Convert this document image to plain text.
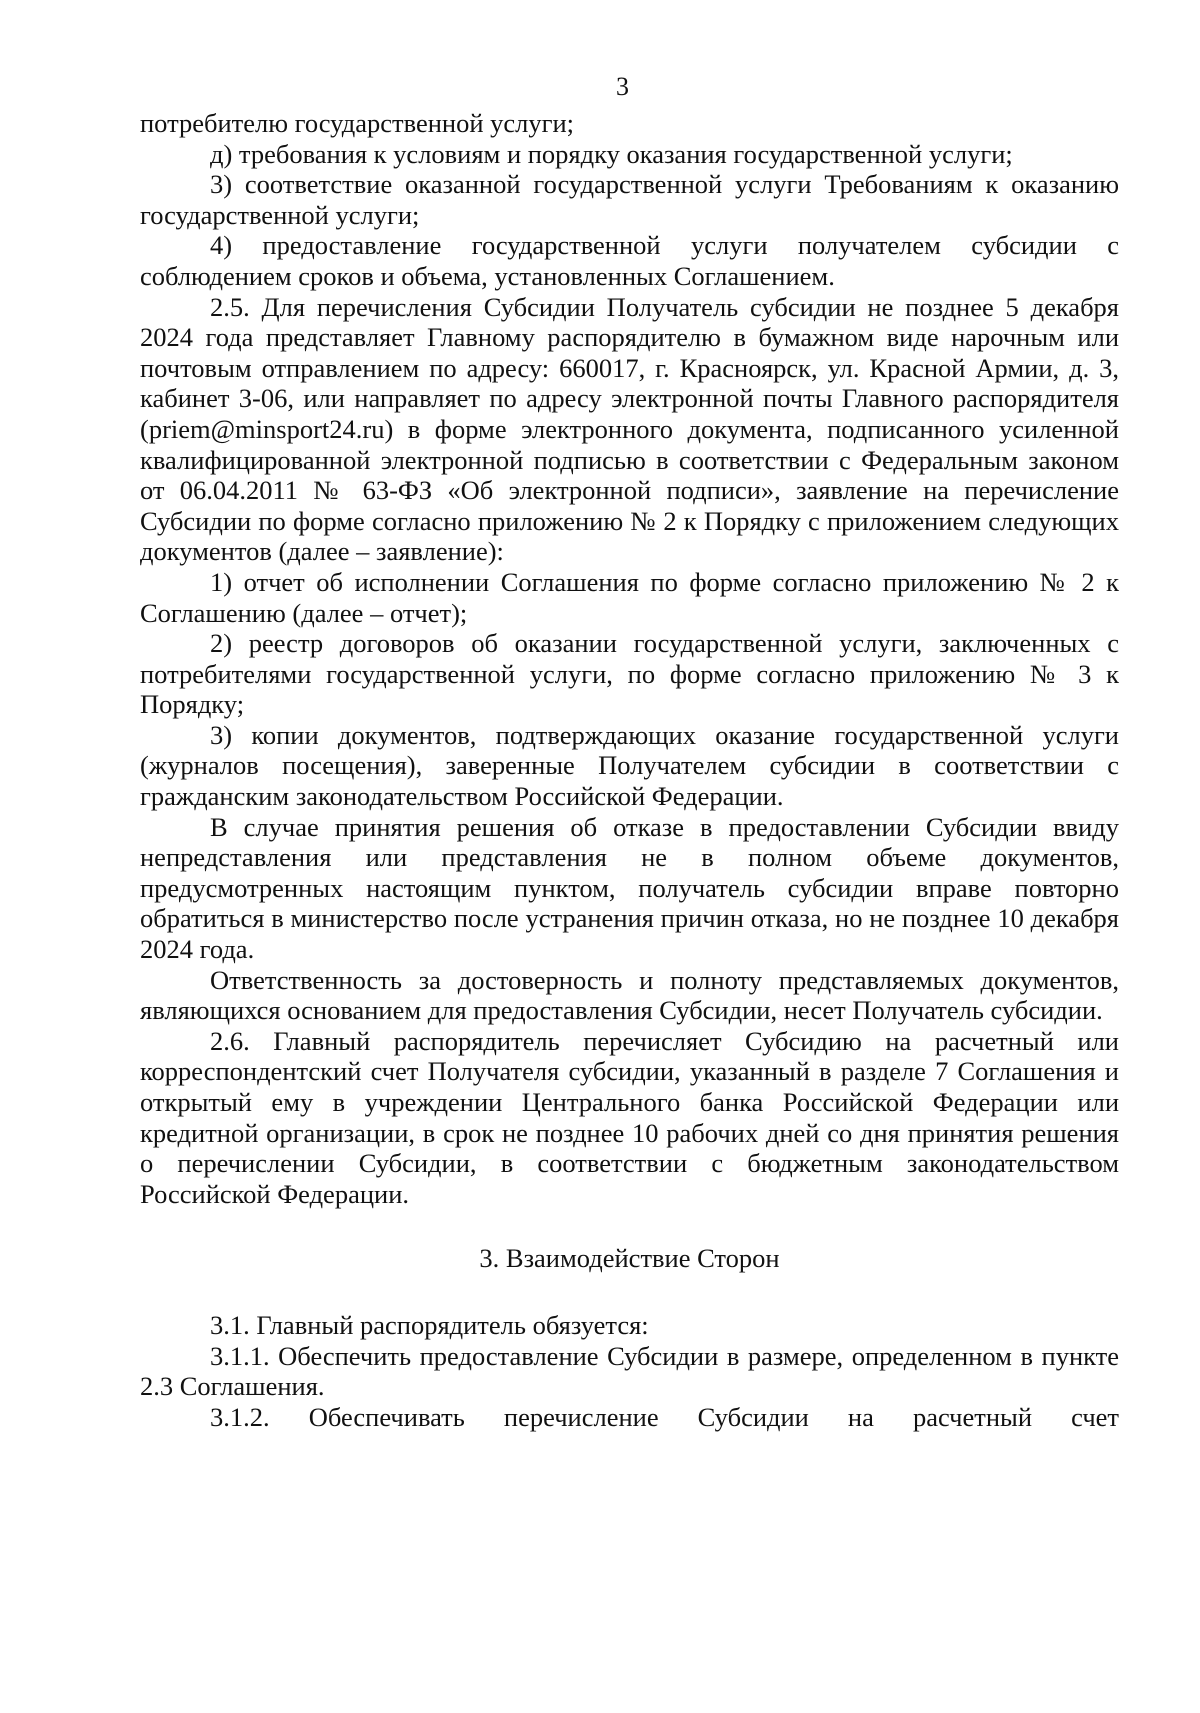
3

потребителю государственной услуги;

д) требования к условиям и порядку оказания государственной услуги;

3) соответствие оказанной государственной услуги Требованиям к оказанию государственной услуги;

4) предоставление государственной услуги получателем субсидии с соблюдением сроков и объема, установленных Соглашением.

2.5. Для перечисления Субсидии Получатель субсидии не позднее 5 декабря 2024 года представляет Главному распорядителю в бумажном виде нарочным или почтовым отправлением по адресу: 660017, г. Красноярск, ул. Красной Армии, д. 3, кабинет 3-06, или направляет по адресу электронной почты Главного распорядителя (priem@minsport24.ru) в форме электронного документа, подписанного усиленной квалифицированной электронной подписью в соответствии с Федеральным законом от 06.04.2011 № 63-ФЗ «Об электронной подписи», заявление на перечисление Субсидии по форме согласно приложению № 2 к Порядку с приложением следующих документов (далее – заявление):

1) отчет об исполнении Соглашения по форме согласно приложению № 2 к Соглашению (далее – отчет);

2) реестр договоров об оказании государственной услуги, заключенных с потребителями государственной услуги, по форме согласно приложению № 3 к Порядку;

3) копии документов, подтверждающих оказание государственной услуги (журналов посещения), заверенные Получателем субсидии в соответствии с гражданским законодательством Российской Федерации.

В случае принятия решения об отказе в предоставлении Субсидии ввиду непредставления или представления не в полном объеме документов, предусмотренных настоящим пунктом, получатель субсидии вправе повторно обратиться в министерство после устранения причин отказа, но не позднее 10 декабря 2024 года.

Ответственность за достоверность и полноту представляемых документов, являющихся основанием для предоставления Субсидии, несет Получатель субсидии.

2.6. Главный распорядитель перечисляет Субсидию на расчетный или корреспондентский счет Получателя субсидии, указанный в разделе 7 Соглашения и открытый ему в учреждении Центрального банка Российской Федерации или кредитной организации, в срок не позднее 10 рабочих дней со дня принятия решения о перечислении Субсидии, в соответствии с бюджетным законодательством Российской Федерации.

3. Взаимодействие Сторон

3.1. Главный распорядитель обязуется:

3.1.1. Обеспечить предоставление Субсидии в размере, определенном в пункте 2.3 Соглашения.

3.1.2. Обеспечивать перечисление Субсидии на расчетный счет
